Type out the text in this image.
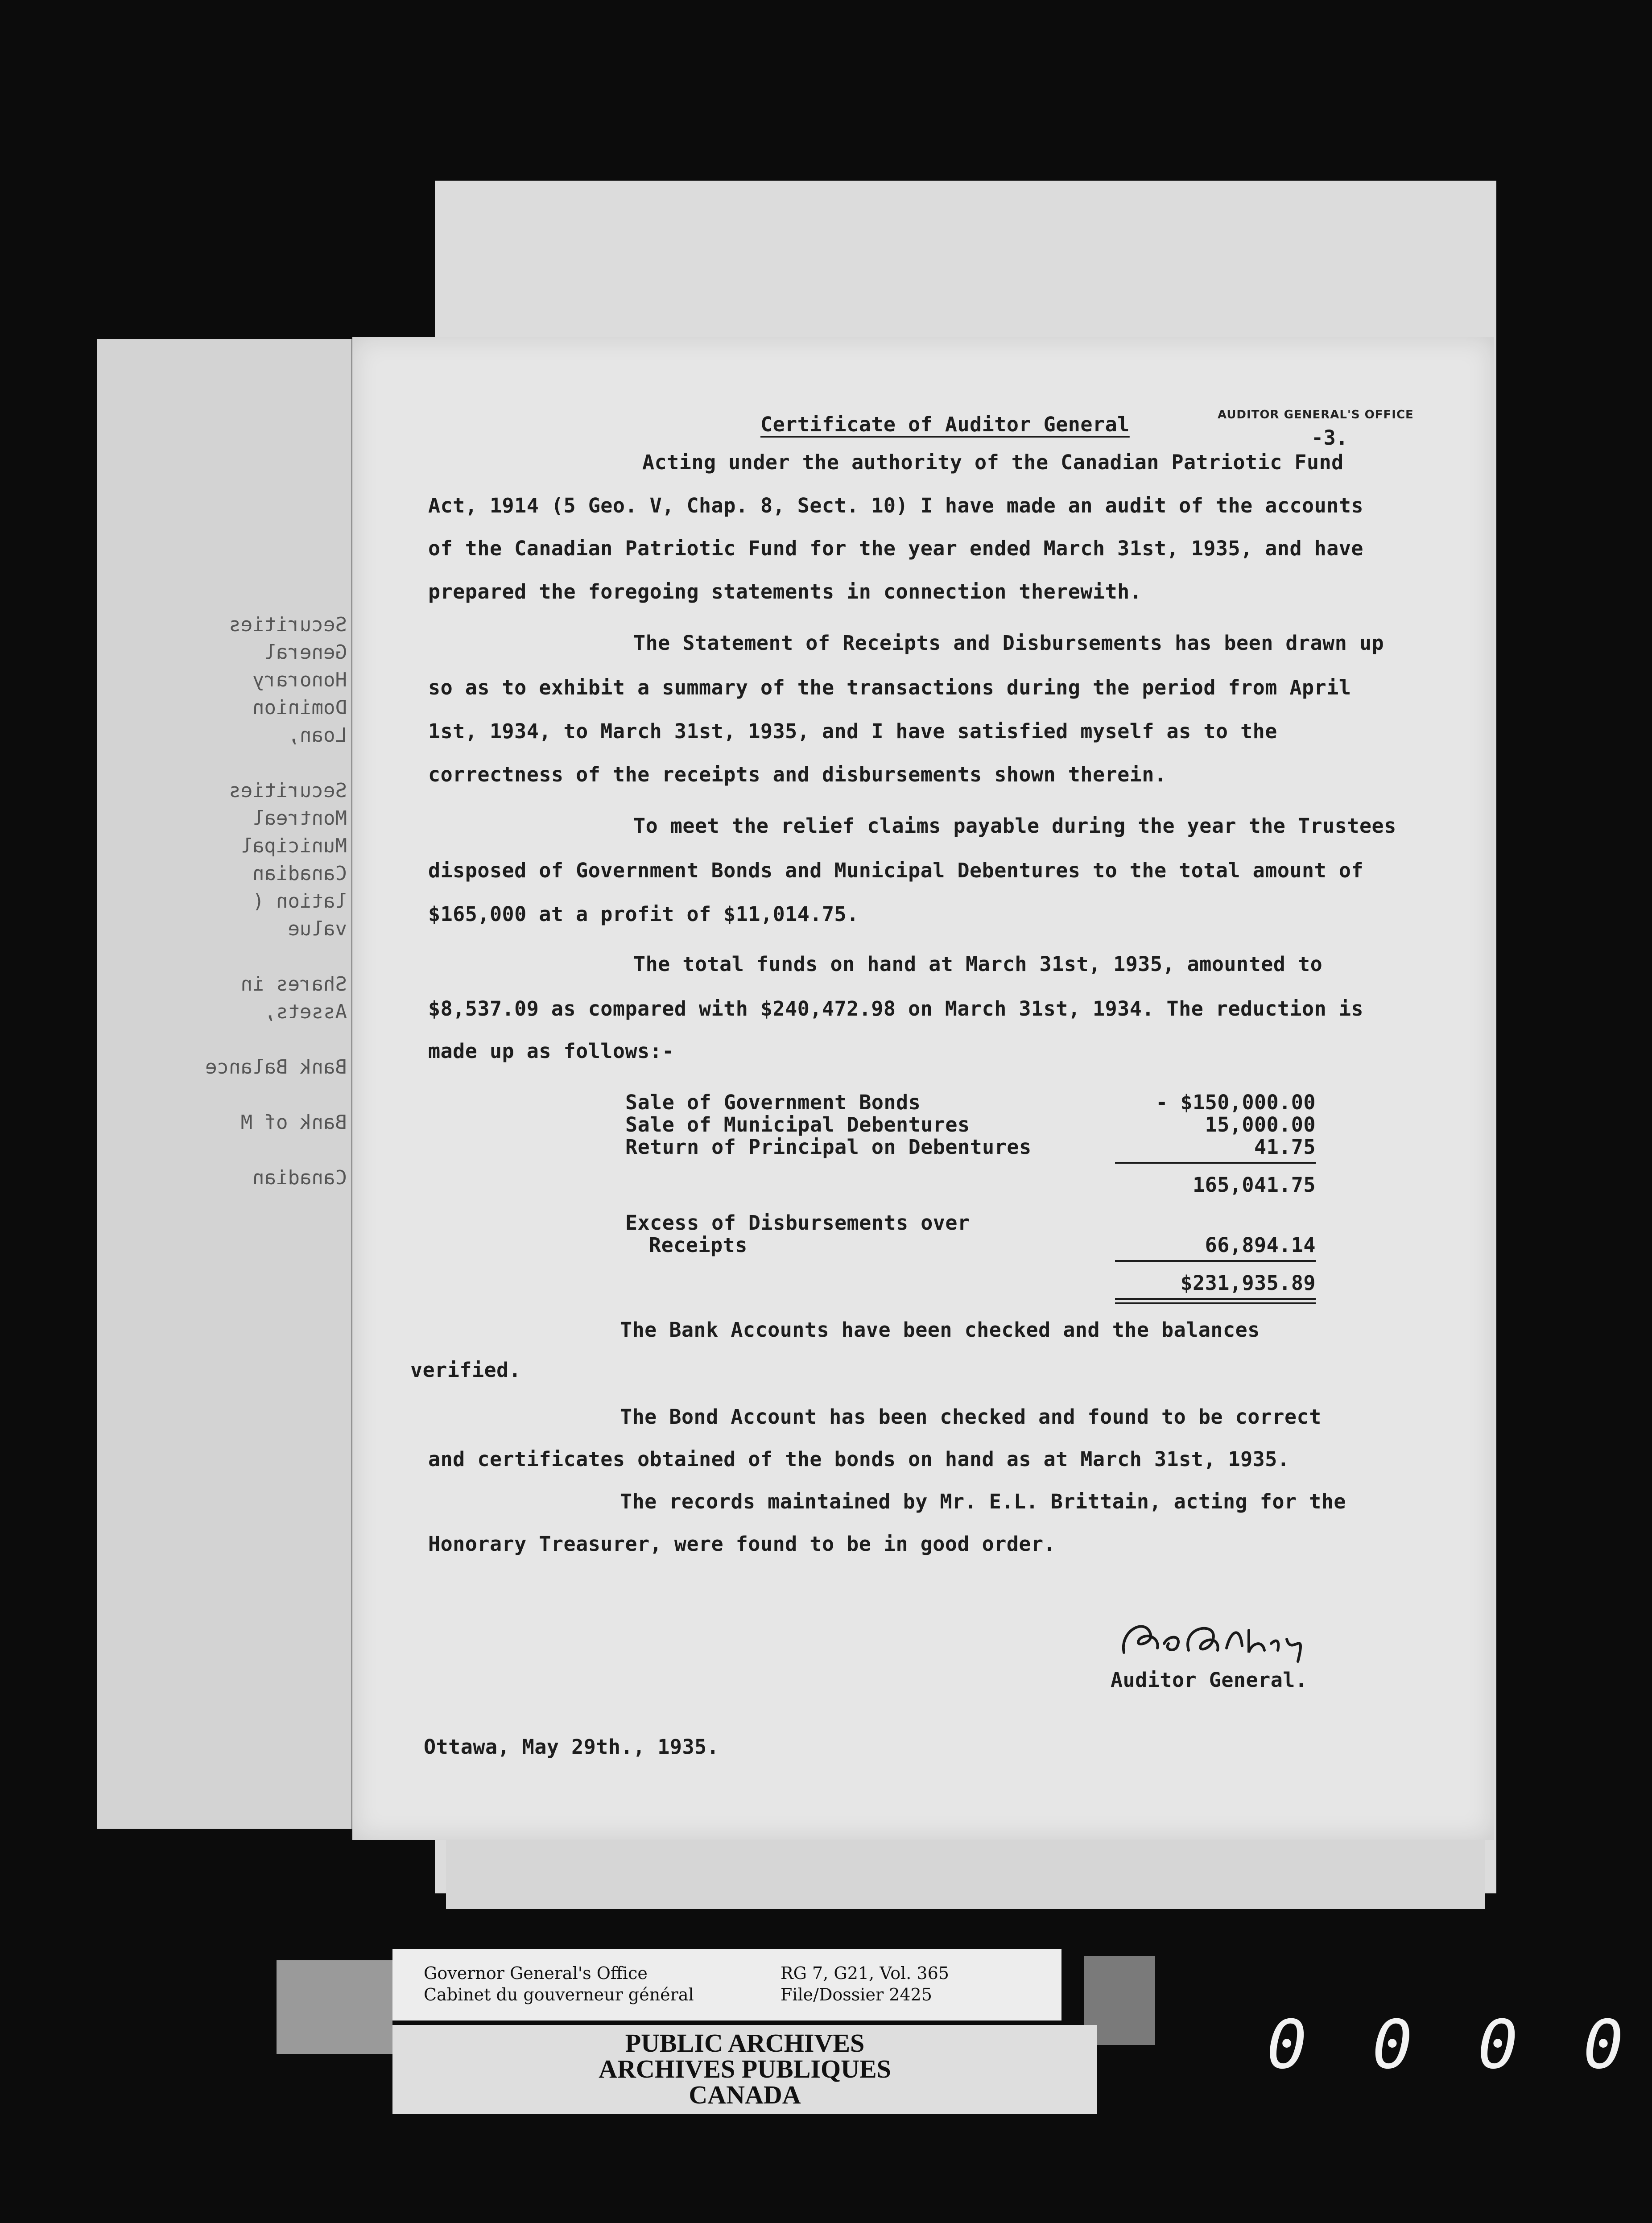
Securities
General
Honorary
Dominion
Loan,

Securities
Montreal
Municipal
Canadian
lation (
value

Shares in
Assets,

Bank Balance

Bank of M

Canadian
AUDITOR GENERAL'S OFFICE
-3.
Certificate of Auditor General
Acting under the authority of the Canadian Patriotic Fund
Act, 1914 (5 Geo. V, Chap. 8, Sect. 10) I have made an audit of the accounts
of the Canadian Patriotic Fund for the year ended March 31st, 1935, and have
prepared the foregoing statements in connection therewith.
The Statement of Receipts and Disbursements has been drawn up
so as to exhibit a summary of the transactions during the period from April
1st, 1934, to March 31st, 1935, and I have satisfied myself as to the
correctness of the receipts and disbursements shown therein.
To meet the relief claims payable during the year the Trustees
disposed of Government Bonds and Municipal Debentures to the total amount of
$165,000 at a profit of $11,014.75.
The total funds on hand at March 31st, 1935, amounted to
$8,537.09 as compared with $240,472.98 on March 31st, 1934. The reduction is
made up as follows:-
Sale of Government Bonds	- $150,000.00
Sale of Municipal Debentures	15,000.00
Return of Principal on Debentures	41.75
165,041.75
Excess of Disbursements over
Receipts	66,894.14
$231,935.89
The Bank Accounts have been checked and the balances
verified.
The Bond Account has been checked and found to be correct
and certificates obtained of the bonds on hand as at March 31st, 1935.
The records maintained by Mr. E.L. Brittain, acting for the
Honorary Treasurer, were found to be in good order.
Geo. Gonthier
Auditor General.
Ottawa, May 29th., 1935.
Governor General's Office
Cabinet du gouverneur général
RG 7, G21, Vol. 365
File/Dossier 2425
PUBLIC ARCHIVES
ARCHIVES PUBLIQUES
CANADA
0 0 0 0
